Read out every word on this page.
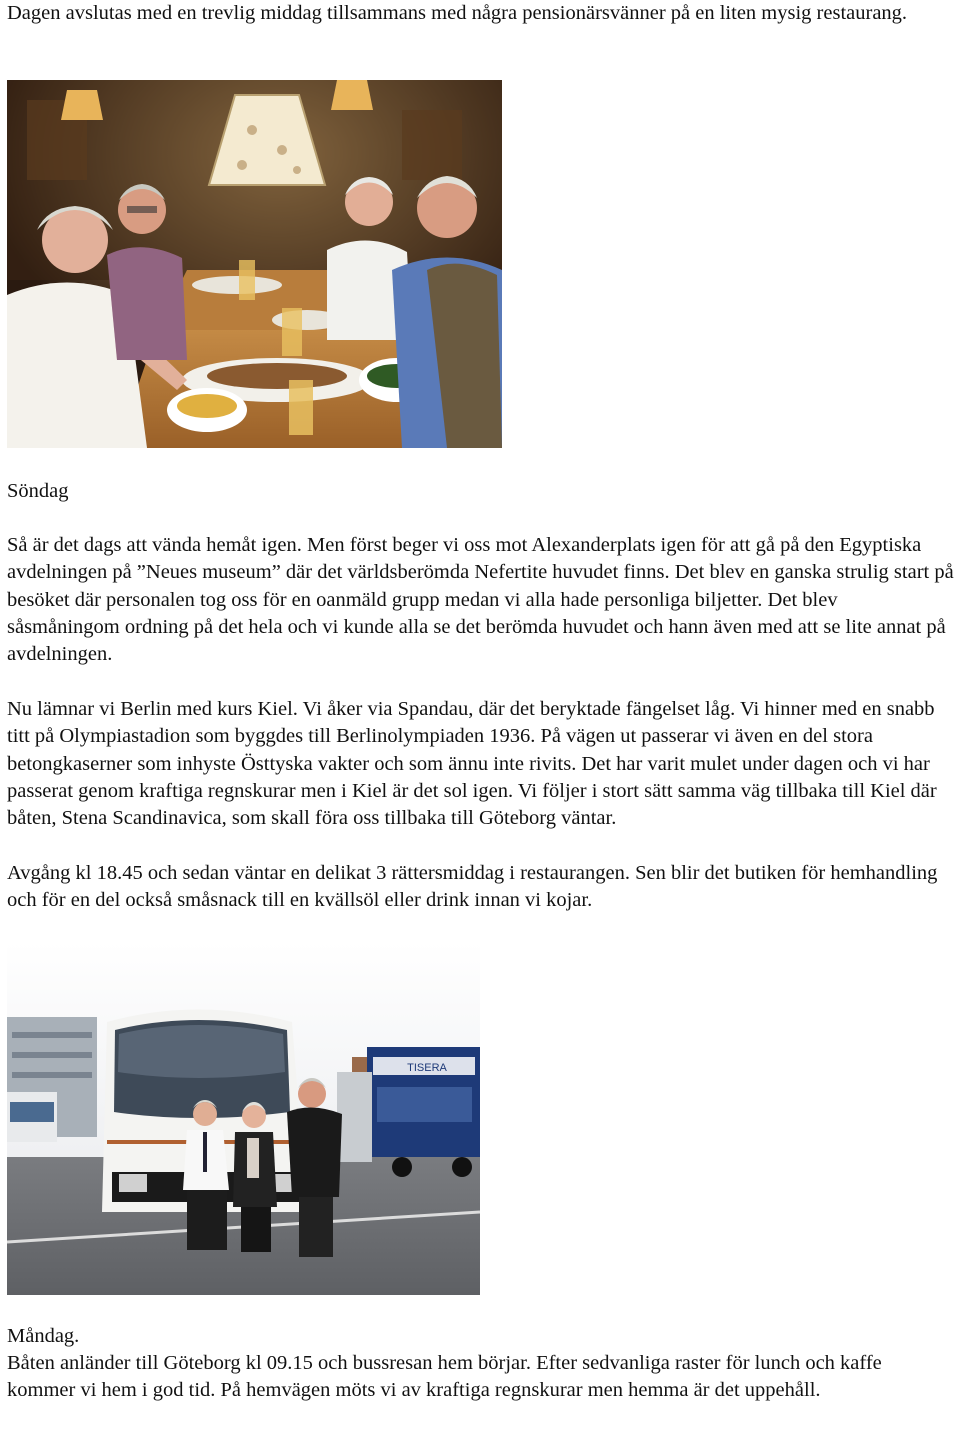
Dagen avslutas med en trevlig middag tillsammans med några pensionärsvänner på en liten mysig restaurang.

Söndag

Så är det dags att vända hemåt igen. Men först beger vi oss mot Alexanderplats igen för att gå på den Egyptiska avdelningen på ”Neues museum” där det världsberömda Nefertite huvudet finns. Det blev en ganska strulig start på besöket där personalen tog oss för en oanmäld grupp medan vi alla hade personliga biljetter. Det blev såsmåningom ordning på det hela och vi kunde alla se det berömda huvudet och hann även med att se lite annat på avdelningen.

Nu lämnar vi Berlin med kurs Kiel. Vi åker via Spandau, där det beryktade fängelset låg. Vi hinner med en snabb titt på Olympiastadion som byggdes till Berlinolympiaden 1936. På vägen ut passerar vi även en del stora betongkaserner som inhyste Östtyska vakter och som ännu inte rivits. Det har varit mulet under dagen och vi har passerat genom kraftiga regnskurar men i Kiel är det sol igen. Vi följer i stort sätt samma väg tillbaka till Kiel där båten, Stena Scandinavica, som skall föra oss tillbaka till Göteborg väntar.

Avgång kl 18.45 och sedan väntar en delikat 3 rättersmiddag i restaurangen. Sen blir det butiken för hemhandling och för en del också småsnack till en kvällsöl eller drink innan vi kojar.

TISERA

Måndag.

Båten anländer till Göteborg kl 09.15 och bussresan hem börjar. Efter sedvanliga raster för lunch och kaffe kommer vi hem i god tid. På hemvägen möts vi av kraftiga regnskurar men hemma är det uppehåll.
